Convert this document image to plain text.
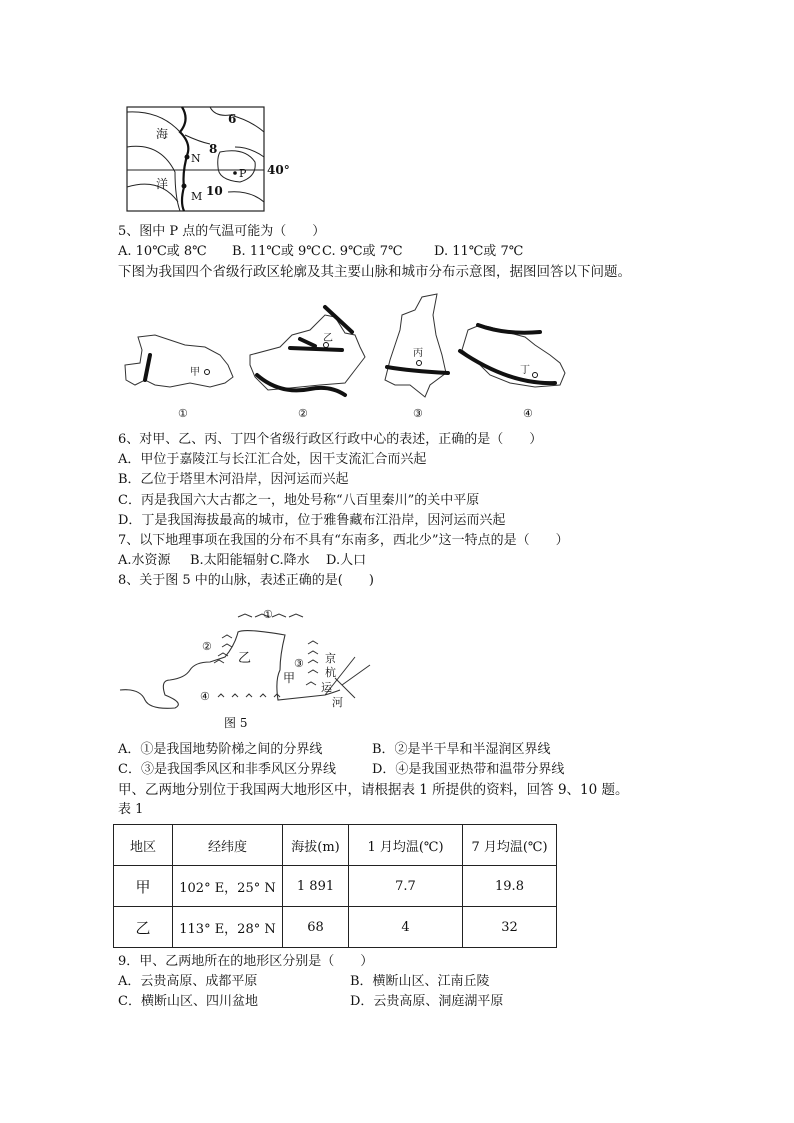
海
洋
6
8
10
N
M
P 40°
5、图中 P 点的气温可能为（　　）
A. 10℃或 8℃ B. 11℃或 9℃ C. 9℃或 7℃ D. 11℃或 7℃
下图为我国四个省级行政区轮廓及其主要山脉和城市分布示意图，据图回答以下问题。
甲
乙
丙
丁
①	②	③	④
6、对甲、乙、丙、丁四个省级行政区行政中心的表述，正确的是（　　）
A．甲位于嘉陵江与长江汇合处，因干支流汇合而兴起
B．乙位于塔里木河沿岸，因河运而兴起
C．丙是我国六大古都之一，地处号称“八百里秦川”的关中平原
D．丁是我国海拔最高的城市，位于雅鲁藏布江沿岸，因河运而兴起
7、以下地理事项在我国的分布不具有“东南多，西北少”这一特点的是（　　）
A.水资源 B.太阳能辐射 C.降水 D.人口
8、关于图 5 中的山脉，表述正确的是(　　)
①
②
③
④
乙
甲
京
杭
运
河
图 5
A．①是我国地势阶梯之间的分界线	B．②是半干旱和半湿润区界线
C．③是我国季风区和非季风区分界线	D．④是我国亚热带和温带分界线
甲、乙两地分别位于我国两大地形区中，请根据表 1 所提供的资料，回答 9、10 题。
表 1
地区	经纬度	海拔(m)	1 月均温(℃)	7 月均温(℃)
甲	102° E，25° N	1 891	7.7	19.8
乙	113° E，28° N	68	4	32
9．甲、乙两地所在的地形区分别是（　　）
A．云贵高原、成都平原	B．横断山区、江南丘陵
C．横断山区、四川盆地	D．云贵高原、洞庭湖平原
